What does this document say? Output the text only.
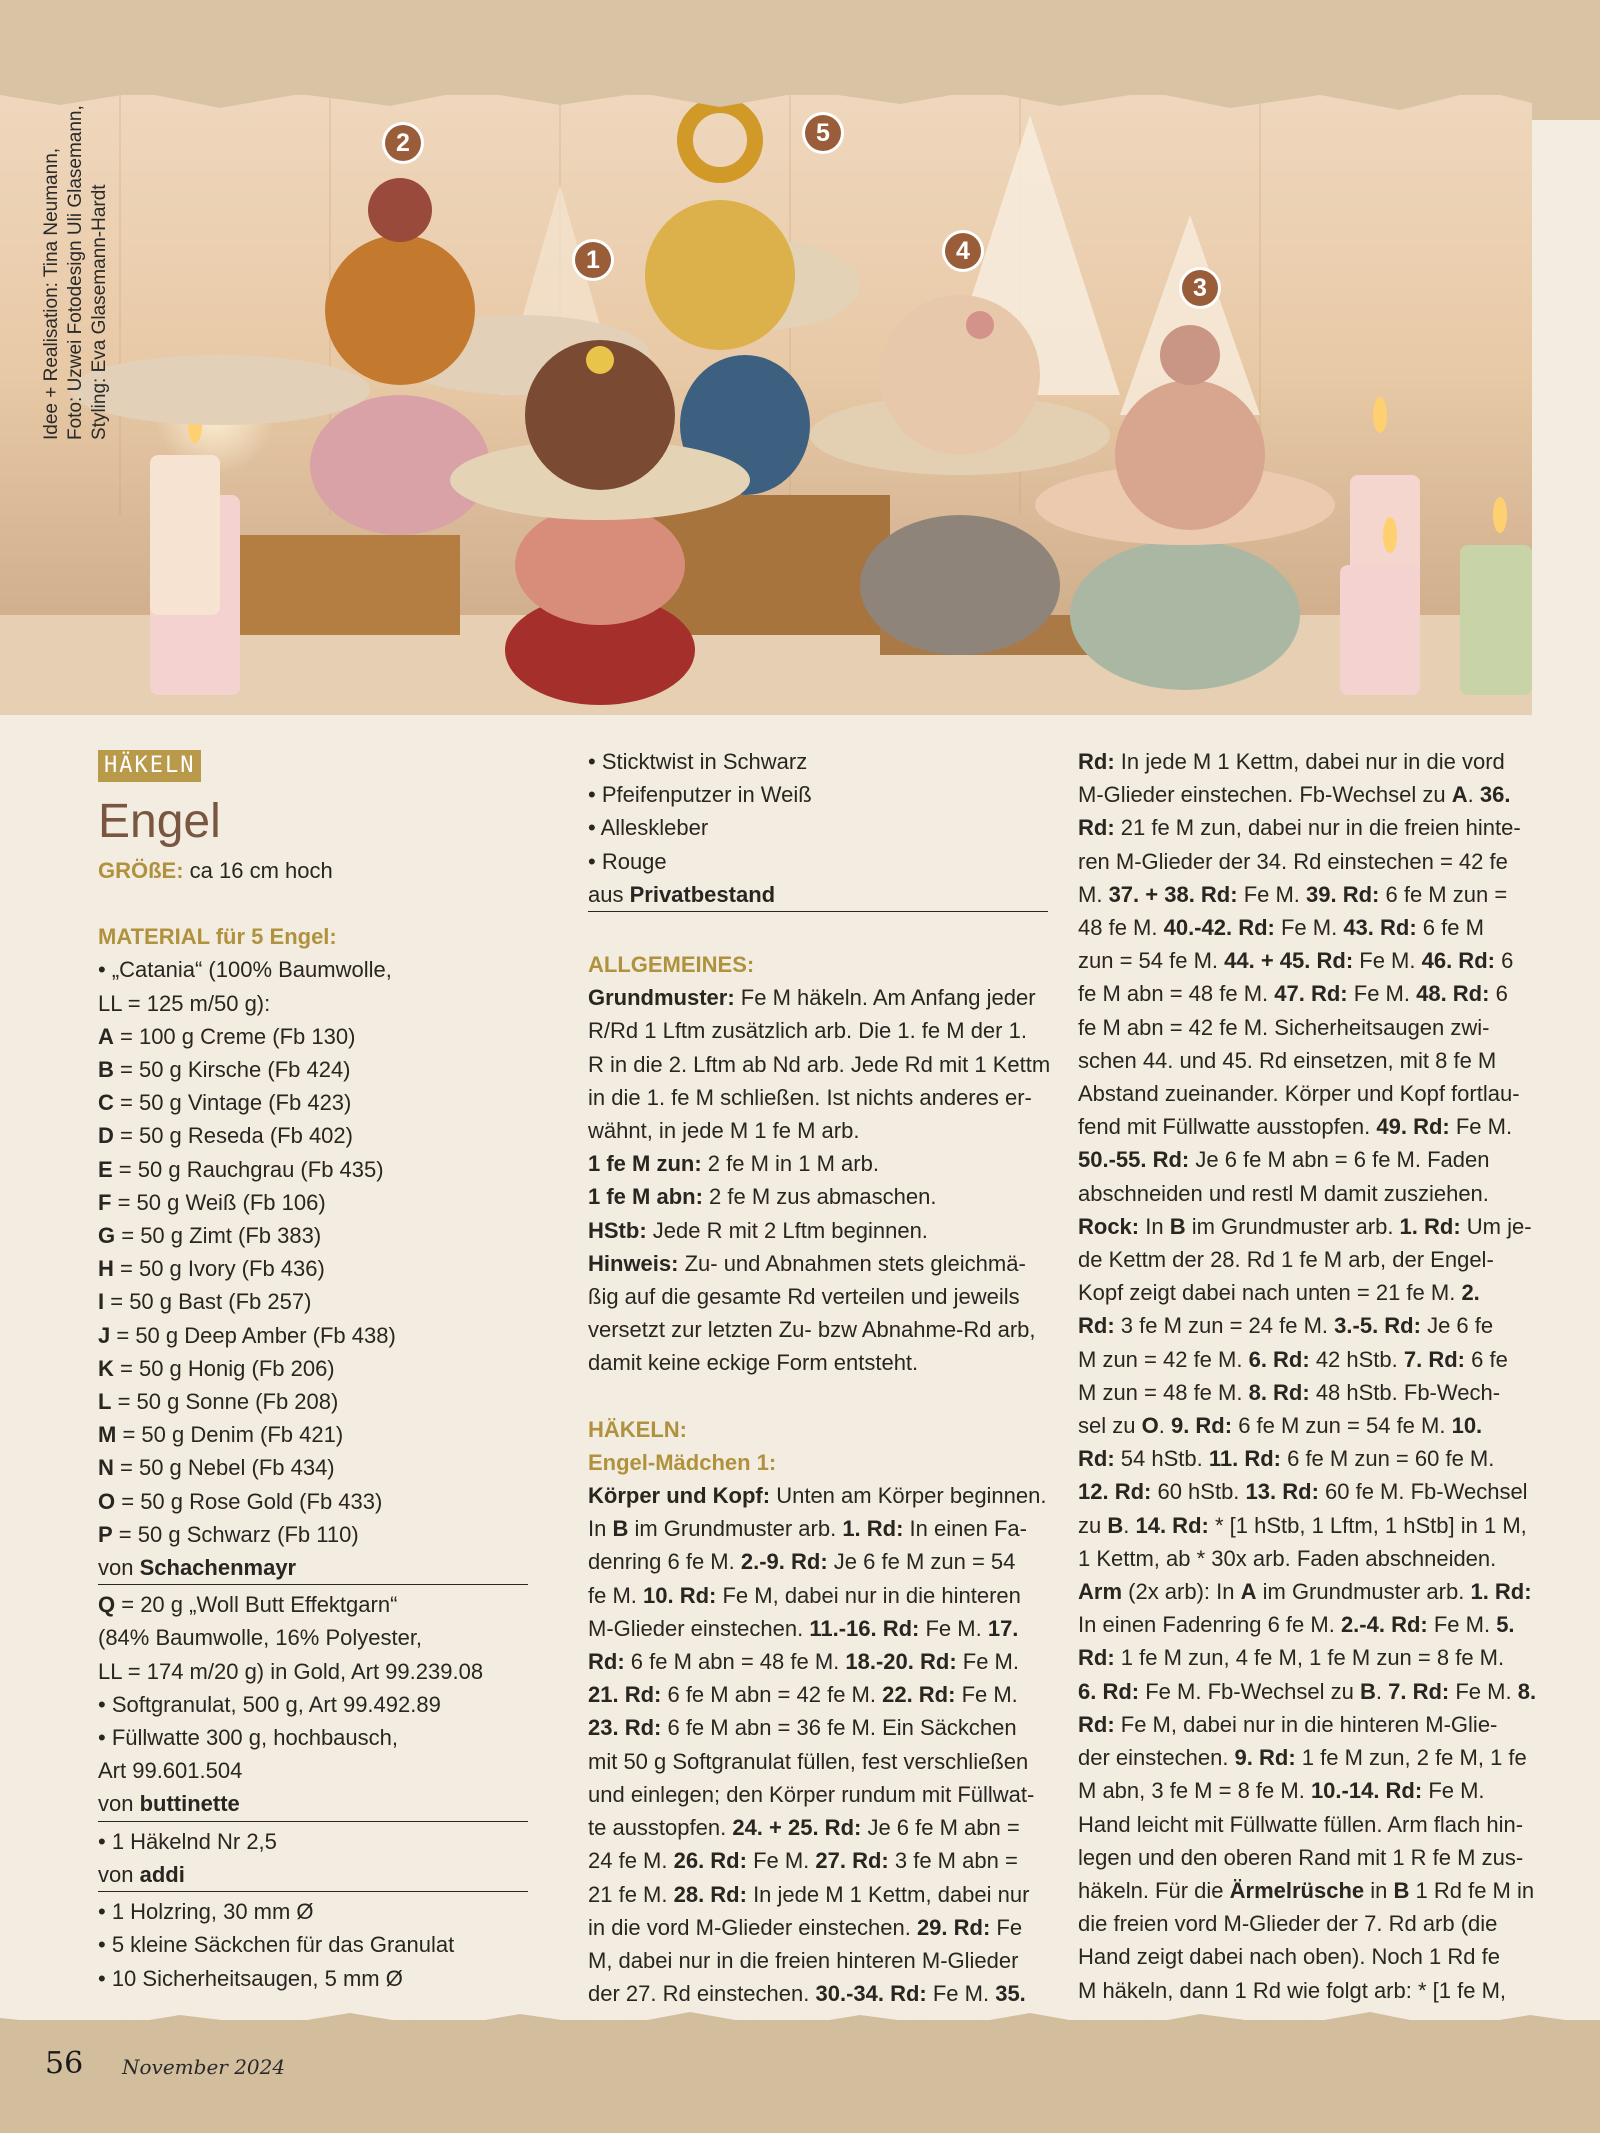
2
1
5
4
3
Idee + Realisation: Tina Neumann, Foto: Uzwei Fotodesign Uli Glasemann, Styling: Eva Glasemann-Hardt
HÄKELN
Engel
GRÖßE: ca 16 cm hoch
MATERIAL für 5 Engel:
• „Catania“ (100% Baumwolle,
LL = 125 m/50 g):
A = 100 g Creme (Fb 130)
B = 50 g Kirsche (Fb 424)
C = 50 g Vintage (Fb 423)
D = 50 g Reseda (Fb 402)
E = 50 g Rauchgrau (Fb 435)
F = 50 g Weiß (Fb 106)
G = 50 g Zimt (Fb 383)
H = 50 g Ivory (Fb 436)
I = 50 g Bast (Fb 257)
J = 50 g Deep Amber (Fb 438)
K = 50 g Honig (Fb 206)
L = 50 g Sonne (Fb 208)
M = 50 g Denim (Fb 421)
N = 50 g Nebel (Fb 434)
O = 50 g Rose Gold (Fb 433)
P = 50 g Schwarz (Fb 110)
von Schachenmayr
Q = 20 g „Woll Butt Effektgarn“
(84% Baumwolle, 16% Polyester,
LL = 174 m/20 g) in Gold, Art 99.239.08
• Softgranulat, 500 g, Art 99.492.89
• Füllwatte 300 g, hochbausch,
Art 99.601.504
von buttinette
• 1 Häkelnd Nr 2,5
von addi
• 1 Holzring, 30 mm Ø
• 5 kleine Säckchen für das Granulat
• 10 Sicherheitsaugen, 5 mm Ø
• Sticktwist in Schwarz
• Pfeifenputzer in Weiß
• Alleskleber
• Rouge
aus Privatbestand
ALLGEMEINES:
Grundmuster: Fe M häkeln. Am Anfang jeder
R/Rd 1 Lftm zusätzlich arb. Die 1. fe M der 1.
R in die 2. Lftm ab Nd arb. Jede Rd mit 1 Kettm
in die 1. fe M schließen. Ist nichts anderes er-
wähnt, in jede M 1 fe M arb.
1 fe M zun: 2 fe M in 1 M arb.
1 fe M abn: 2 fe M zus abmaschen.
HStb: Jede R mit 2 Lftm beginnen.
Hinweis: Zu- und Abnahmen stets gleichmä-
ßig auf die gesamte Rd verteilen und jeweils
versetzt zur letzten Zu- bzw Abnahme-Rd arb,
damit keine eckige Form entsteht.
HÄKELN:
Engel-Mädchen 1:
Körper und Kopf: Unten am Körper beginnen.
In B im Grundmuster arb. 1. Rd: In einen Fa-
denring 6 fe M. 2.-9. Rd: Je 6 fe M zun = 54
fe M. 10. Rd: Fe M, dabei nur in die hinteren
M-Glieder einstechen. 11.-16. Rd: Fe M. 17.
Rd: 6 fe M abn = 48 fe M. 18.-20. Rd: Fe M.
21. Rd: 6 fe M abn = 42 fe M. 22. Rd: Fe M.
23. Rd: 6 fe M abn = 36 fe M. Ein Säckchen
mit 50 g Softgranulat füllen, fest verschließen
und einlegen; den Körper rundum mit Füllwat-
te ausstopfen. 24. + 25. Rd: Je 6 fe M abn =
24 fe M. 26. Rd: Fe M. 27. Rd: 3 fe M abn =
21 fe M. 28. Rd: In jede M 1 Kettm, dabei nur
in die vord M-Glieder einstechen. 29. Rd: Fe
M, dabei nur in die freien hinteren M-Glieder
der 27. Rd einstechen. 30.-34. Rd: Fe M. 35.
Rd: In jede M 1 Kettm, dabei nur in die vord
M-Glieder einstechen. Fb-Wechsel zu A. 36.
Rd: 21 fe M zun, dabei nur in die freien hinte-
ren M-Glieder der 34. Rd einstechen = 42 fe
M. 37. + 38. Rd: Fe M. 39. Rd: 6 fe M zun =
48 fe M. 40.-42. Rd: Fe M. 43. Rd: 6 fe M
zun = 54 fe M. 44. + 45. Rd: Fe M. 46. Rd: 6
fe M abn = 48 fe M. 47. Rd: Fe M. 48. Rd: 6
fe M abn = 42 fe M. Sicherheitsaugen zwi-
schen 44. und 45. Rd einsetzen, mit 8 fe M
Abstand zueinander. Körper und Kopf fortlau-
fend mit Füllwatte ausstopfen. 49. Rd: Fe M.
50.-55. Rd: Je 6 fe M abn = 6 fe M. Faden
abschneiden und restl M damit zusziehen.
Rock: In B im Grundmuster arb. 1. Rd: Um je-
de Kettm der 28. Rd 1 fe M arb, der Engel-
Kopf zeigt dabei nach unten = 21 fe M. 2.
Rd: 3 fe M zun = 24 fe M. 3.-5. Rd: Je 6 fe
M zun = 42 fe M. 6. Rd: 42 hStb. 7. Rd: 6 fe
M zun = 48 fe M. 8. Rd: 48 hStb. Fb-Wech-
sel zu O. 9. Rd: 6 fe M zun = 54 fe M. 10.
Rd: 54 hStb. 11. Rd: 6 fe M zun = 60 fe M.
12. Rd: 60 hStb. 13. Rd: 60 fe M. Fb-Wechsel
zu B. 14. Rd: * [1 hStb, 1 Lftm, 1 hStb] in 1 M,
1 Kettm, ab * 30x arb. Faden abschneiden.
Arm (2x arb): In A im Grundmuster arb. 1. Rd:
In einen Fadenring 6 fe M. 2.-4. Rd: Fe M. 5.
Rd: 1 fe M zun, 4 fe M, 1 fe M zun = 8 fe M.
6. Rd: Fe M. Fb-Wechsel zu B. 7. Rd: Fe M. 8.
Rd: Fe M, dabei nur in die hinteren M-Glie-
der einstechen. 9. Rd: 1 fe M zun, 2 fe M, 1 fe
M abn, 3 fe M = 8 fe M. 10.-14. Rd: Fe M.
Hand leicht mit Füllwatte füllen. Arm flach hin-
legen und den oberen Rand mit 1 R fe M zus-
häkeln. Für die Ärmelrüsche in B 1 Rd fe M in
die freien vord M-Glieder der 7. Rd arb (die
Hand zeigt dabei nach oben). Noch 1 Rd fe
M häkeln, dann 1 Rd wie folgt arb: * [1 fe M,
56 November 2024
